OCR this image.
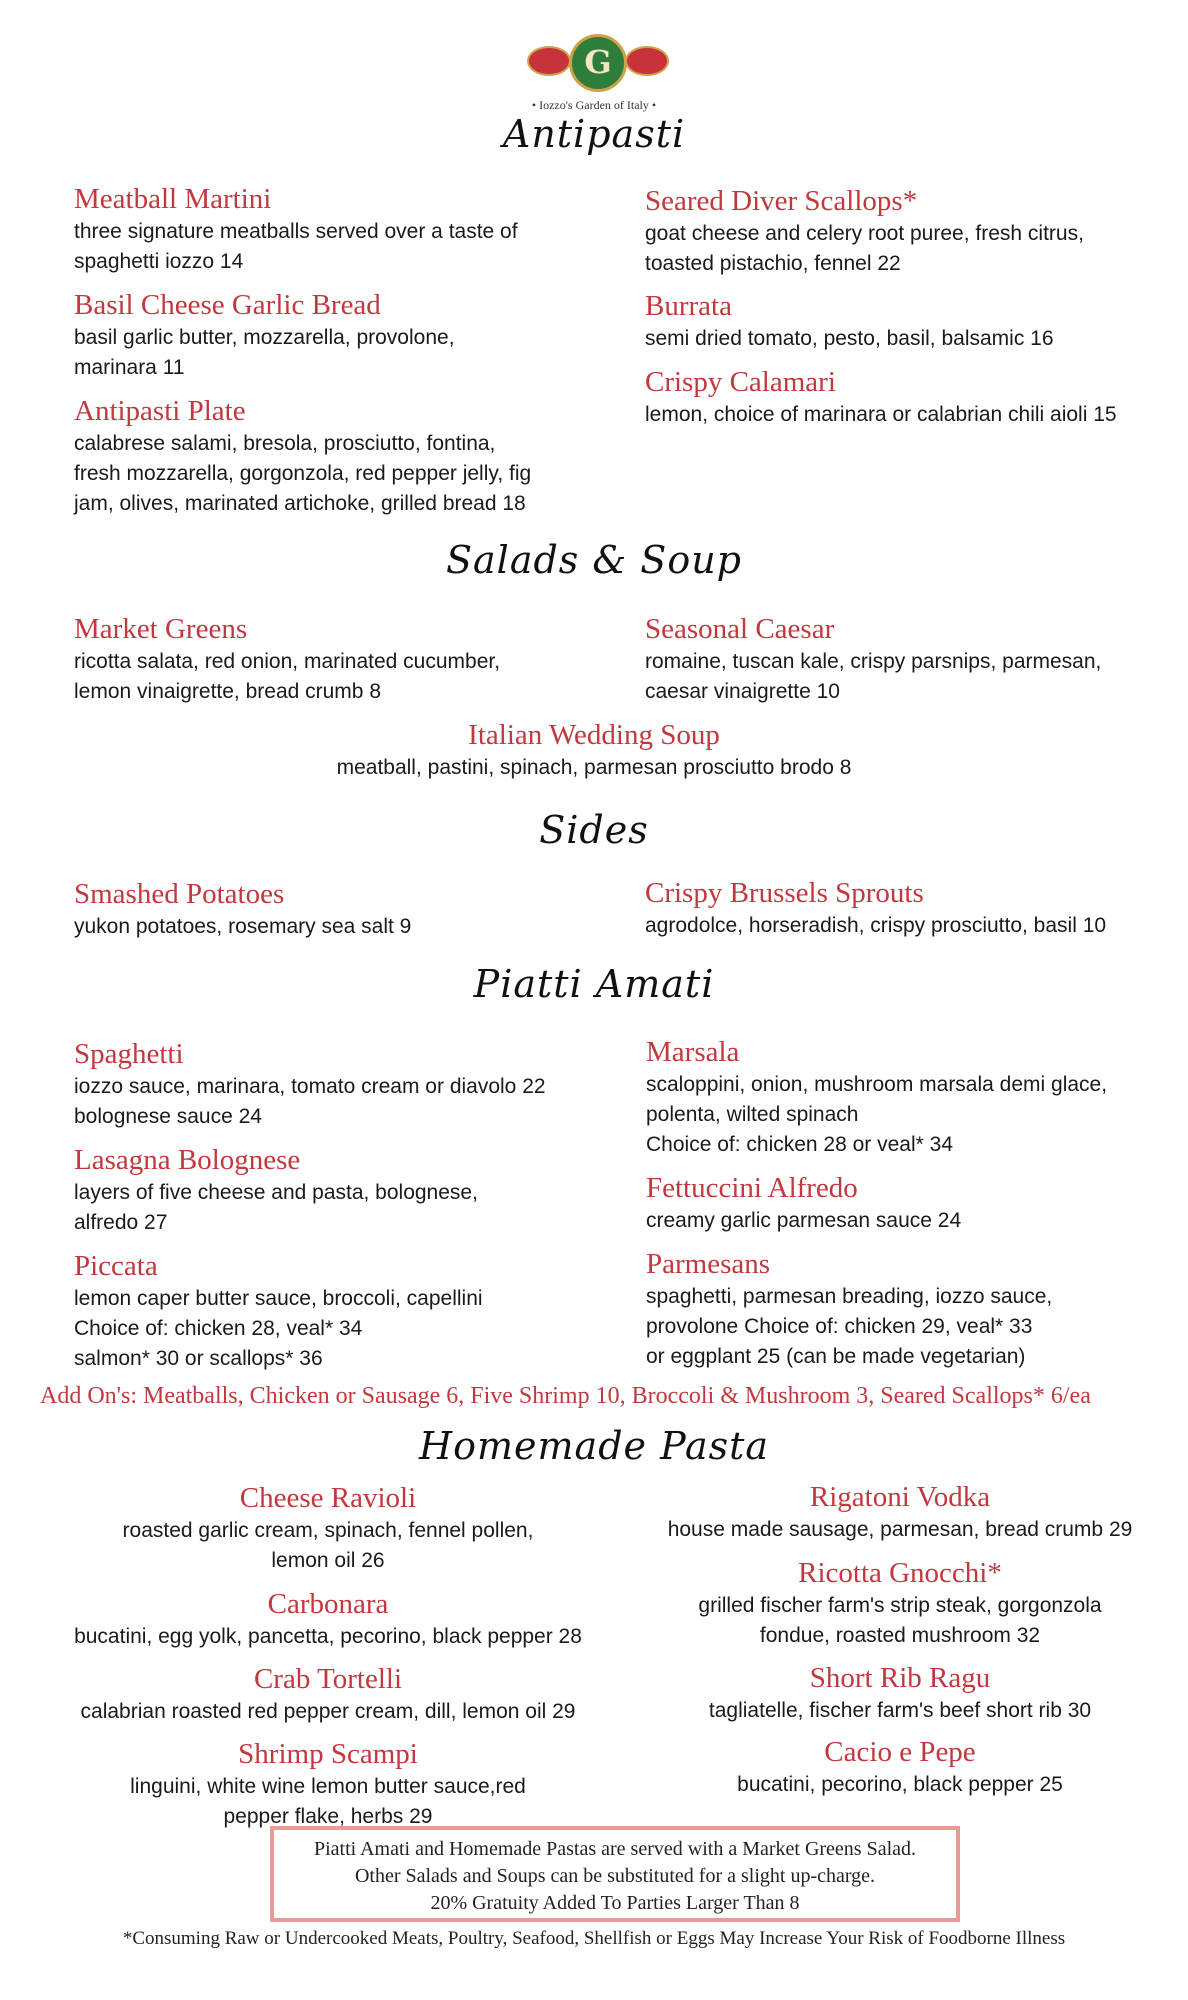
G
• Iozzo's Garden of Italy •
Antipasti
Salads & Soup
Sides
Piatti Amati
Homemade Pasta
Meatball Martini
three signature meatballs served over a taste of
spaghetti iozzo 14
Basil Cheese Garlic Bread
basil garlic butter, mozzarella, provolone,
marinara 11
Antipasti Plate
calabrese salami, bresola, prosciutto, fontina,
fresh mozzarella, gorgonzola, red pepper jelly, fig
jam, olives, marinated artichoke, grilled bread 18
Seared Diver Scallops*
goat cheese and celery root puree, fresh citrus,
toasted pistachio, fennel 22
Burrata
semi dried tomato, pesto, basil, balsamic 16
Crispy Calamari
lemon, choice of marinara or calabrian chili aioli 15
Market Greens
ricotta salata, red onion, marinated cucumber,
lemon vinaigrette, bread crumb 8
Seasonal Caesar
romaine, tuscan kale, crispy parsnips, parmesan,
caesar vinaigrette 10
Italian Wedding Soup
meatball, pastini, spinach, parmesan prosciutto brodo 8
Smashed Potatoes
yukon potatoes, rosemary sea salt 9
Crispy Brussels Sprouts
agrodolce, horseradish, crispy prosciutto, basil 10
Spaghetti
iozzo sauce, marinara, tomato cream or diavolo 22
bolognese sauce 24
Lasagna Bolognese
layers of five cheese and pasta, bolognese,
alfredo 27
Piccata
lemon caper butter sauce, broccoli, capellini
Choice of: chicken 28, veal* 34
salmon* 30 or scallops* 36
Marsala
scaloppini, onion, mushroom marsala demi glace,
polenta, wilted spinach
Choice of: chicken 28 or veal* 34
Fettuccini Alfredo
creamy garlic parmesan sauce 24
Parmesans
spaghetti, parmesan breading, iozzo sauce,
provolone Choice of: chicken 29, veal* 33
or eggplant 25 (can be made vegetarian)
Add On's: Meatballs, Chicken or Sausage 6, Five Shrimp 10, Broccoli & Mushroom 3, Seared Scallops* 6/ea
Cheese Ravioli
roasted garlic cream, spinach, fennel pollen,
lemon oil 26
Carbonara
bucatini, egg yolk, pancetta, pecorino, black pepper 28
Crab Tortelli
calabrian roasted red pepper cream, dill, lemon oil 29
Shrimp Scampi
linguini, white wine lemon butter sauce,red
pepper flake, herbs 29
Rigatoni Vodka
house made sausage, parmesan, bread crumb 29
Ricotta Gnocchi*
grilled fischer farm's strip steak, gorgonzola
fondue, roasted mushroom 32
Short Rib Ragu
tagliatelle, fischer farm's beef short rib 30
Cacio e Pepe
bucatini, pecorino, black pepper 25
Piatti Amati and Homemade Pastas are served with a Market Greens Salad.
Other Salads and Soups can be substituted for a slight up-charge.
20% Gratuity Added To Parties Larger Than 8
*Consuming Raw or Undercooked Meats, Poultry, Seafood, Shellfish or Eggs May Increase Your Risk of Foodborne Illness
